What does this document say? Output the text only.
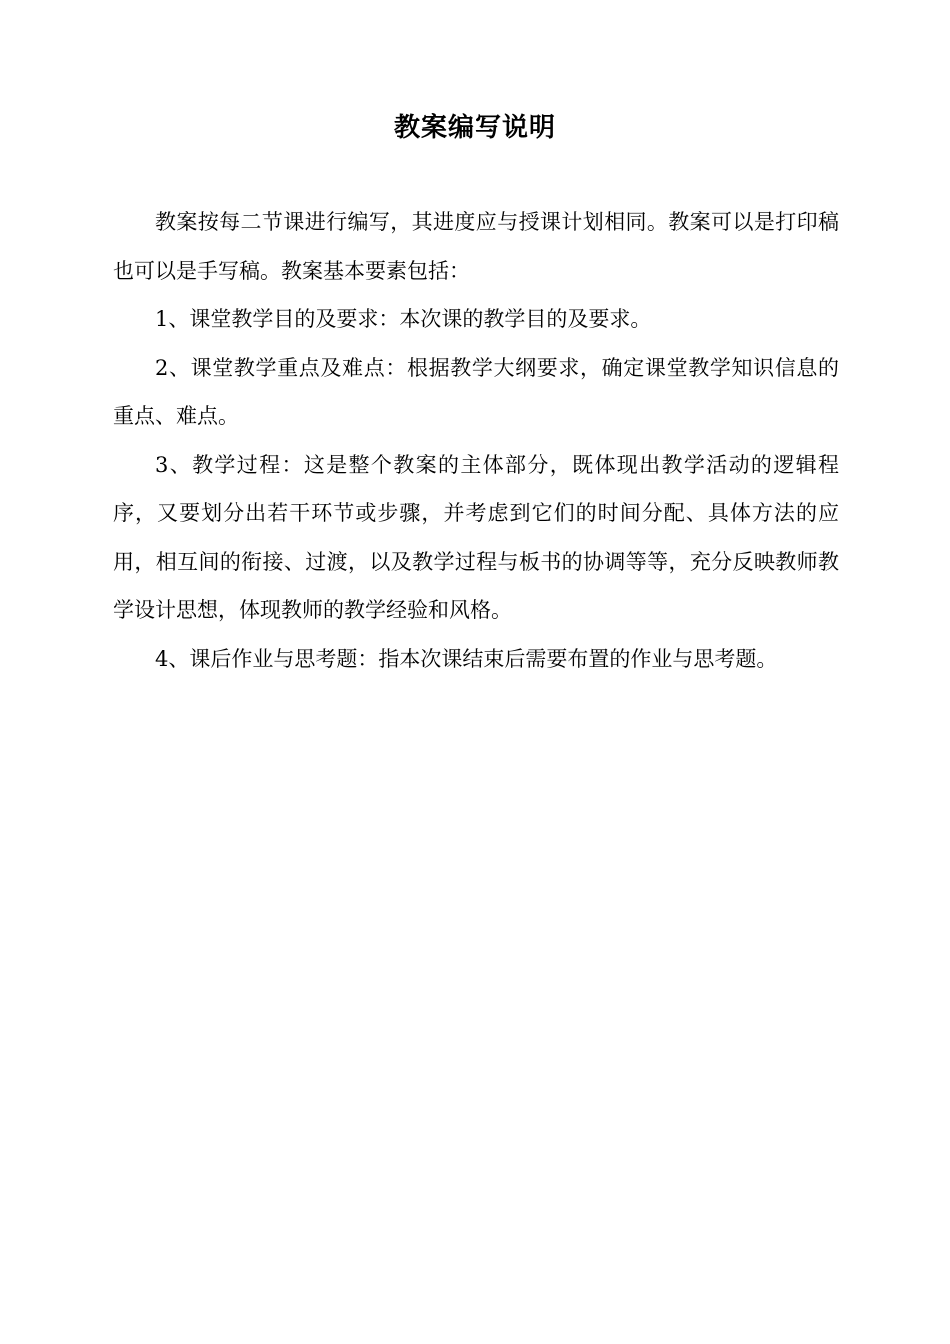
教案编写说明

教案按每二节课进行编写，其进度应与授课计划相同。教案可以是打印稿也可以是手写稿。教案基本要素包括：

1、课堂教学目的及要求：本次课的教学目的及要求。

2、课堂教学重点及难点：根据教学大纲要求，确定课堂教学知识信息的重点、难点。

3、教学过程：这是整个教案的主体部分，既体现出教学活动的逻辑程序，又要划分出若干环节或步骤，并考虑到它们的时间分配、具体方法的应用，相互间的衔接、过渡，以及教学过程与板书的协调等等，充分反映教师教学设计思想，体现教师的教学经验和风格。

4、课后作业与思考题：指本次课结束后需要布置的作业与思考题。
